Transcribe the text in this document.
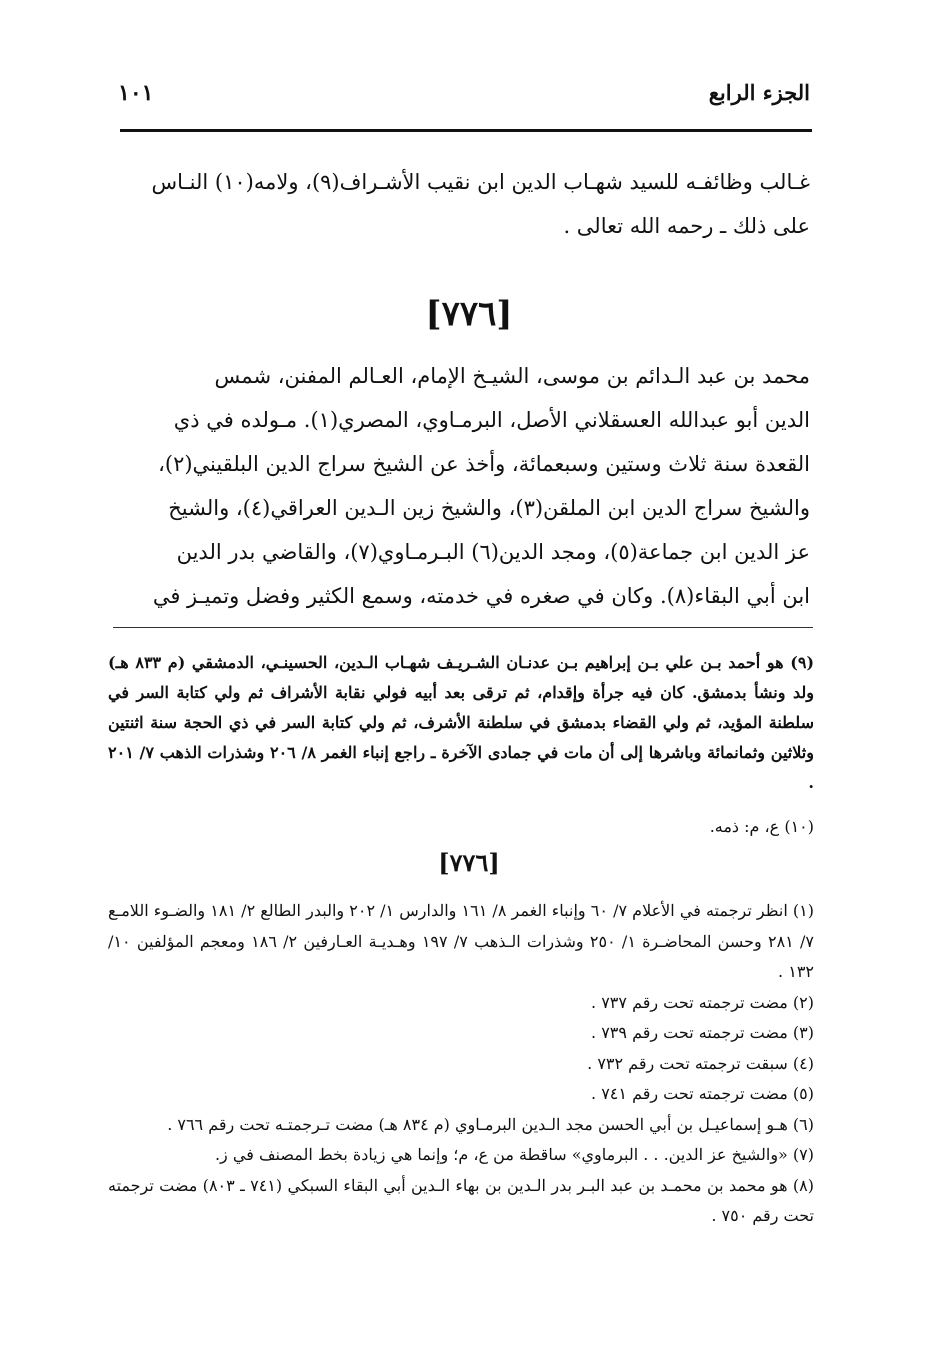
الجزء الرابع
١٠١
غـالب وظائفـه للسيد شهـاب الدين ابن نقيب الأشـراف(٩)، ولامه(١٠) النـاس
على ذلك ـ رحمه الله تعالى .
[٧٧٦]
محمد بن عبد الـدائم بن موسى، الشيـخ الإمام، العـالم المفنن، شمس
الدين أبو عبدالله العسقلاني الأصل، البرمـاوي، المصري(١). مـولده في ذي
القعدة سنة ثلاث وستين وسبعمائة، وأخذ عن الشيخ سراج الدين البلقيني(٢)،
والشيخ سراج الدين ابن الملقن(٣)، والشيخ زين الـدين العراقي(٤)، والشيخ
عز الدين ابن جماعة(٥)، ومجد الدين(٦) البـرمـاوي(٧)، والقاضي بدر الدين
ابن أبي البقاء(٨). وكان في صغره في خدمته، وسمع الكثير وفضل وتميـز في

(٩) هو أحمد بـن علي بـن إبراهيم بـن عدنـان الشـريـف شهـاب الـدين، الحسينـي، الدمشقي (م ٨٣٣ هـ) ولد ونشأ بدمشق. كان فيه جرأة وإقدام، ثم ترقى بعد أبيه فولي نقابة الأشراف ثم ولي كتابة السر في سلطنة المؤيد، ثم ولي القضاء بدمشق في سلطنة الأشرف، ثم ولي كتابة السر في ذي الحجة سنة اثنتين وثلاثين وثمانمائة وباشرها إلى أن مات في جمادى الآخرة ـ راجع إنباء الغمر ٨/ ٢٠٦ وشذرات الذهب ٧/ ٢٠١ .

(١٠) ع، م: ذمه.

[٧٧٦]

(١) انظر ترجمته في الأعلام ٧/ ٦٠ وإنباء الغمر ٨/ ١٦١ والدارس ١/ ٢٠٢ والبدر الطالع ٢/ ١٨١ والضـوء اللامـع ٧/ ٢٨١ وحسن المحاضـرة ١/ ٢٥٠ وشذرات الـذهب ٧/ ١٩٧ وهـديـة العـارفين ٢/ ١٨٦ ومعجم المؤلفين ١٠/ ١٣٢ .

(٢) مضت ترجمته تحت رقم ٧٣٧ .

(٣) مضت ترجمته تحت رقم ٧٣٩ .

(٤) سبقت ترجمته تحت رقم ٧٣٢ .

(٥) مضت ترجمته تحت رقم ٧٤١ .

(٦) هـو إسماعيـل بن أبي الحسن مجد الـدين البرمـاوي (م ٨٣٤ هـ) مضت تـرجمتـه تحت رقم ٧٦٦ .

(٧) «والشيخ عز الدين. . . البرماوي» ساقطة من ع، م؛ وإنما هي زيادة بخط المصنف في ز.

(٨) هو محمد بن محمـد بن عبد البـر بدر الـدين بن بهاء الـدين أبي البقاء السبكي (٧٤١ ـ ٨٠٣) مضت ترجمته تحت رقم ٧٥٠ .
